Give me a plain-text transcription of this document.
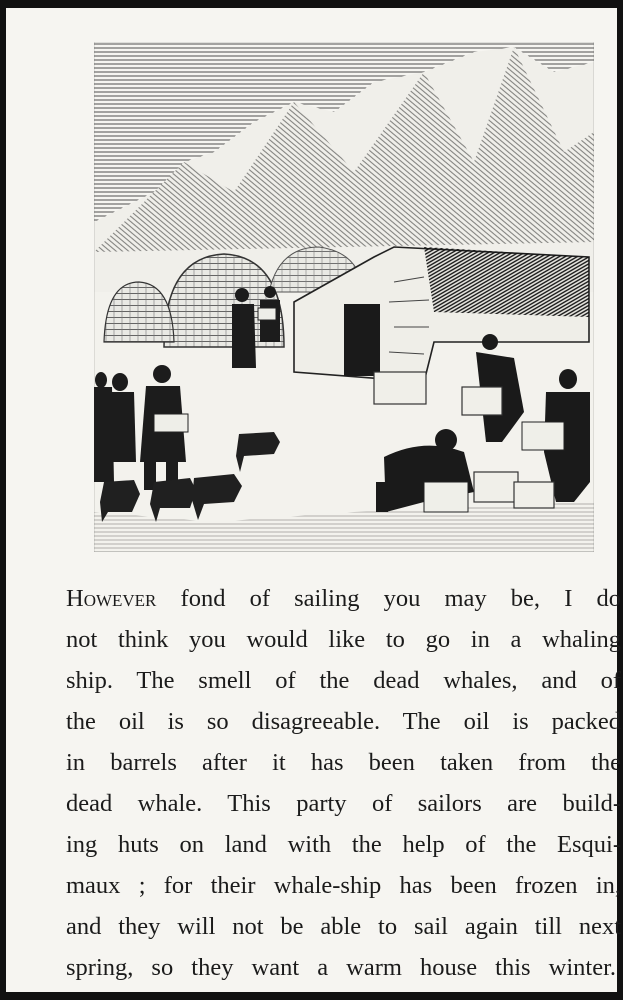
However fond of sailing you may be, I do
not think you would like to go in a whaling
ship. The smell of the dead whales, and of
the oil is so disagreeable. The oil is packed
in barrels after it has been taken from the
dead whale. This party of sailors are build-
ing huts on land with the help of the Esqui-
maux ; for their whale-ship has been frozen in,
and they will not be able to sail again till next
spring, so they want a warm house this winter.
